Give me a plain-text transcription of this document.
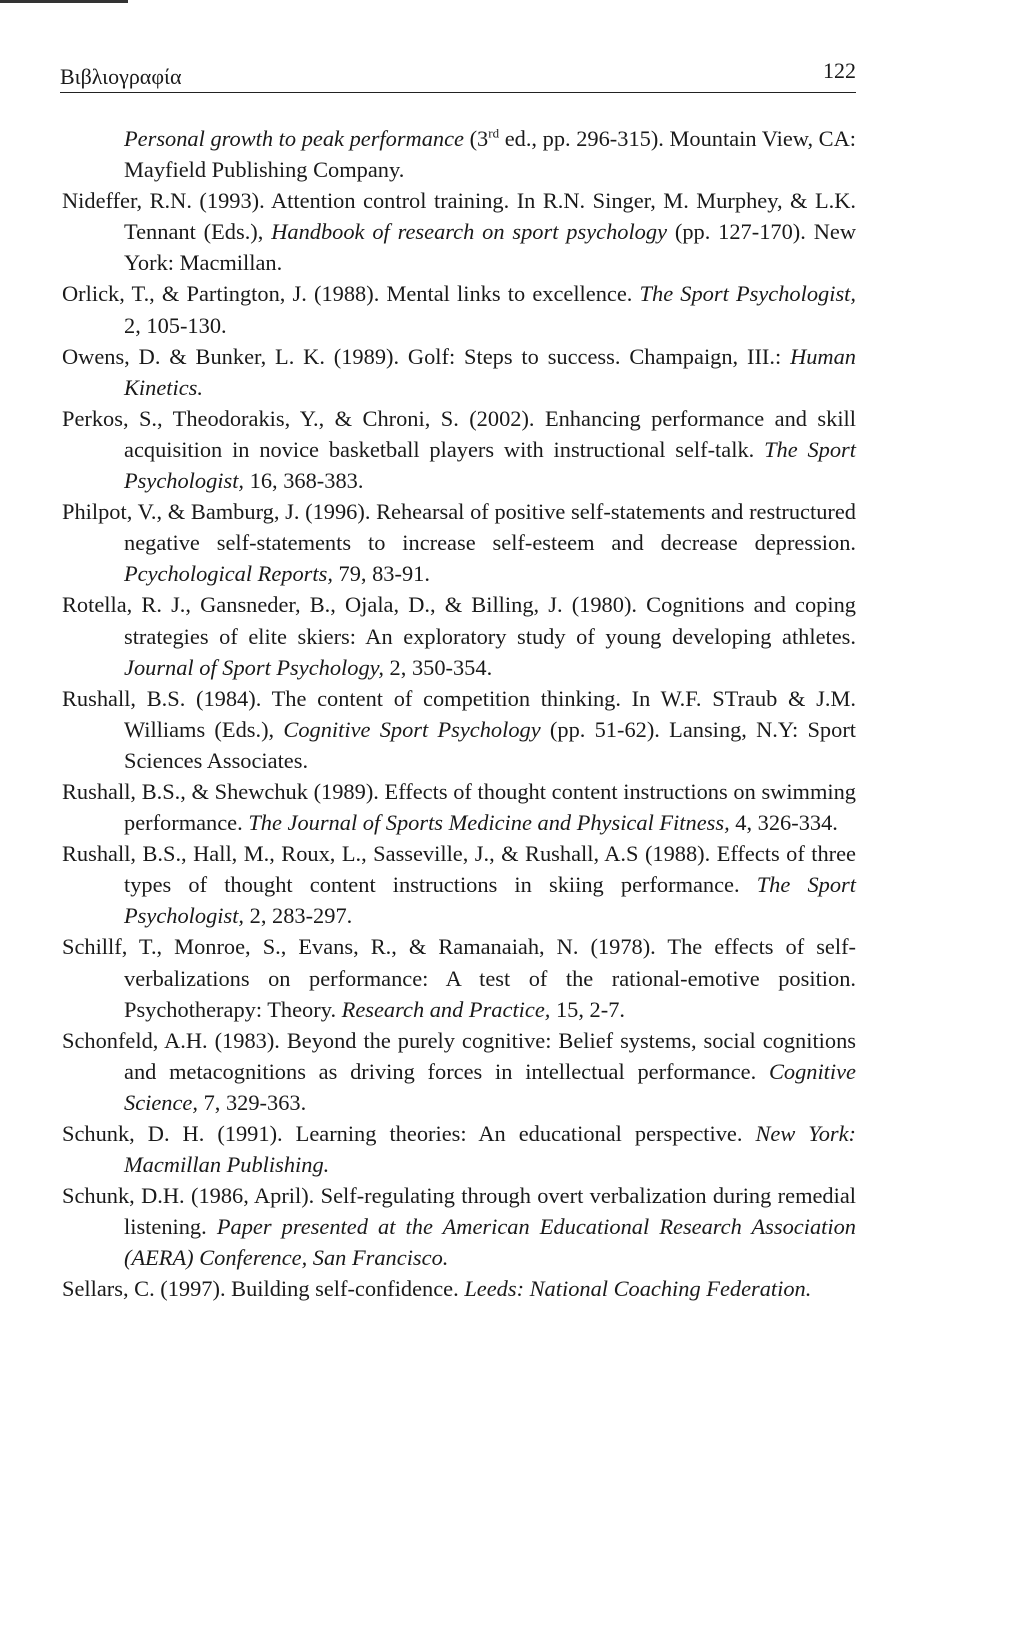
Βιβλιογραφία	122

Personal growth to peak performance (3rd ed., pp. 296-315). Mountain View, CA: Mayfield Publishing Company.

Nideffer, R.N. (1993). Attention control training. In R.N. Singer, M. Murphey, & L.K. Tennant (Eds.), Handbook of research on sport psychology (pp. 127-170). New York: Macmillan.

Orlick, T., & Partington, J. (1988). Mental links to excellence. The Sport Psychologist, 2, 105-130.

Owens, D. & Bunker, L. K. (1989). Golf: Steps to success. Champaign, III.: Human Kinetics.

Perkos, S., Theodorakis, Y., & Chroni, S. (2002). Enhancing performance and skill acquisition in novice basketball players with instructional self-talk. The Sport Psychologist, 16, 368-383.

Philpot, V., & Bamburg, J. (1996). Rehearsal of positive self-statements and restructured negative self-statements to increase self-esteem and decrease depression. Pcychological Reports, 79, 83-91.

Rotella, R. J., Gansneder, B., Ojala, D., & Billing, J. (1980). Cognitions and coping strategies of elite skiers: An exploratory study of young developing athletes. Journal of Sport Psychology, 2, 350-354.

Rushall, B.S. (1984). The content of competition thinking. In W.F. STraub & J.M. Williams (Eds.), Cognitive Sport Psychology (pp. 51-62). Lansing, N.Y: Sport Sciences Associates.

Rushall, B.S., & Shewchuk (1989). Effects of thought content instructions on swimming performance. The Journal of Sports Medicine and Physical Fitness, 4, 326-334.

Rushall, B.S., Hall, M., Roux, L., Sasseville, J., & Rushall, A.S (1988). Effects of three types of thought content instructions in skiing performance. The Sport Psychologist, 2, 283-297.

Schillf, T., Monroe, S., Evans, R., & Ramanaiah, N. (1978). The effects of self-verbalizations on performance: A test of the rational-emotive position. Psychotherapy: Theory. Research and Practice, 15, 2-7.

Schonfeld, A.H. (1983). Beyond the purely cognitive: Belief systems, social cognitions and metacognitions as driving forces in intellectual performance. Cognitive Science, 7, 329-363.

Schunk, D. H. (1991). Learning theories: An educational perspective. New York: Macmillan Publishing.

Schunk, D.H. (1986, April). Self-regulating through overt verbalization during remedial listening. Paper presented at the American Educational Research Association (AERA) Conference, San Francisco.

Sellars, C. (1997). Building self-confidence. Leeds: National Coaching Federation.
